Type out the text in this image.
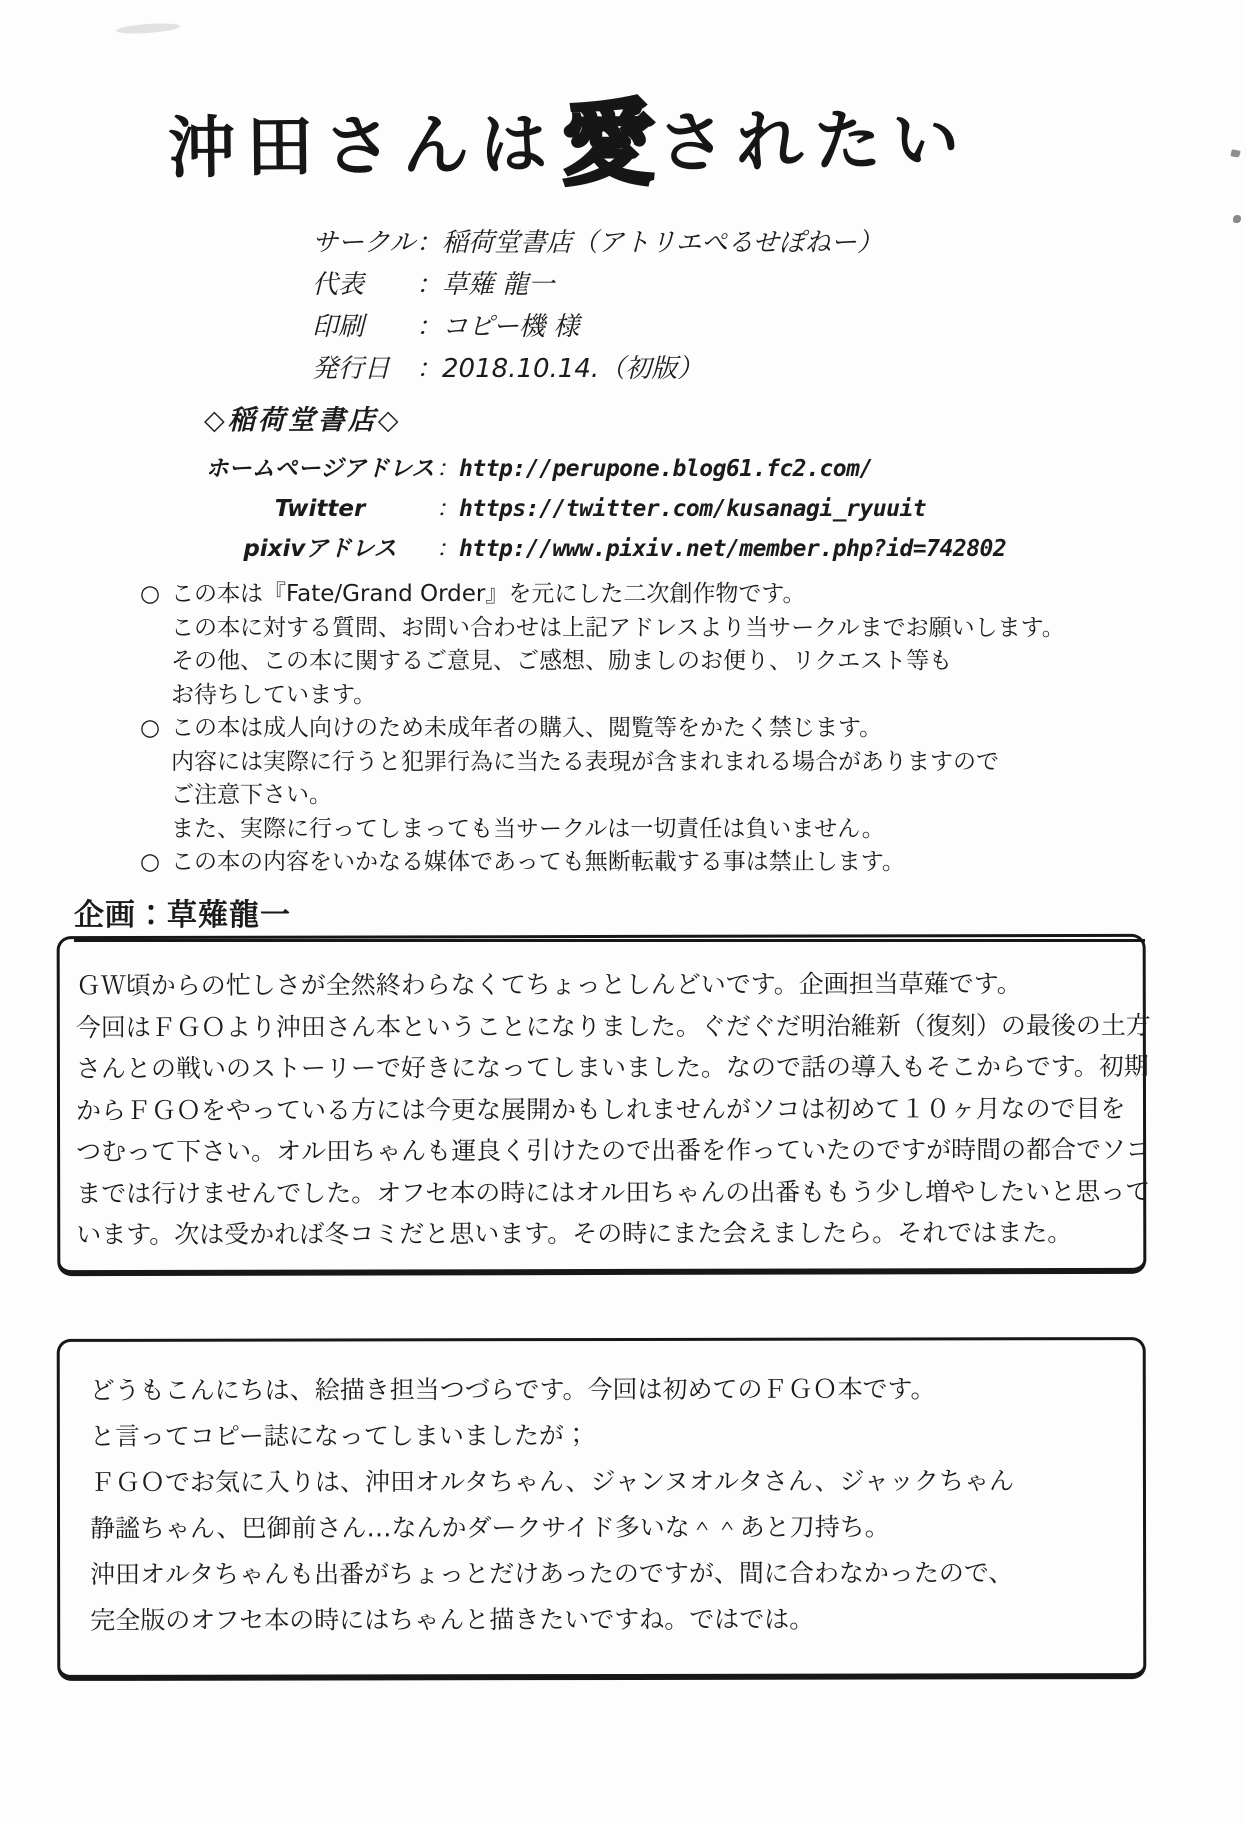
沖田さんは愛されたい
サークル ： 稲荷堂書店（アトリエぺるせぽねー）
代表	： 草薙 龍一
印刷	： コピー機 様
発行日 ： 2018.10.14.（初版）
◇稲荷堂書店◇
ホームページアドレス ： http://perupone.blog61.fc2.com/
Twitter	： https://twitter.com/kusanagi_ryuuit
pixivアドレス	： http://www.pixiv.net/member.php?id=742802
○ この本は『Fate/Grand Order』を元にした二次創作物です。
この本に対する質問、お問い合わせは上記アドレスより当サークルまでお願いします。
その他、この本に関するご意見、ご感想、励ましのお便り、リクエスト等も
お待ちしています。
○ この本は成人向けのため未成年者の購入、閲覧等をかたく禁じます。
内容には実際に行うと犯罪行為に当たる表現が含まれまれる場合がありますので
ご注意下さい。
また、実際に行ってしまっても当サークルは一切責任は負いません。
○ この本の内容をいかなる媒体であっても無断転載する事は禁止します。
企画：草薙龍一
ＧＷ頃からの忙しさが全然終わらなくてちょっとしんどいです。企画担当草薙です。
今回はＦＧＯより沖田さん本ということになりました。ぐだぐだ明治維新（復刻）の最後の土方
さんとの戦いのストーリーで好きになってしまいました。なので話の導入もそこからです。初期
からＦＧＯをやっている方には今更な展開かもしれませんがソコは初めて１０ヶ月なので目を
つむって下さい。オル田ちゃんも運良く引けたので出番を作っていたのですが時間の都合でソコ
までは行けませんでした。オフセ本の時にはオル田ちゃんの出番ももう少し増やしたいと思って
います。次は受かれば冬コミだと思います。その時にまた会えましたら。それではまた。
どうもこんにちは、絵描き担当つづらです。今回は初めてのＦＧＯ本です。
と言ってコピー誌になってしまいましたが；
ＦＧＯでお気に入りは、沖田オルタちゃん、ジャンヌオルタさん、ジャックちゃん
静謐ちゃん、巴御前さん…なんかダークサイド多いな＾＾あと刀持ち。
沖田オルタちゃんも出番がちょっとだけあったのですが、間に合わなかったので、
完全版のオフセ本の時にはちゃんと描きたいですね。ではでは。
